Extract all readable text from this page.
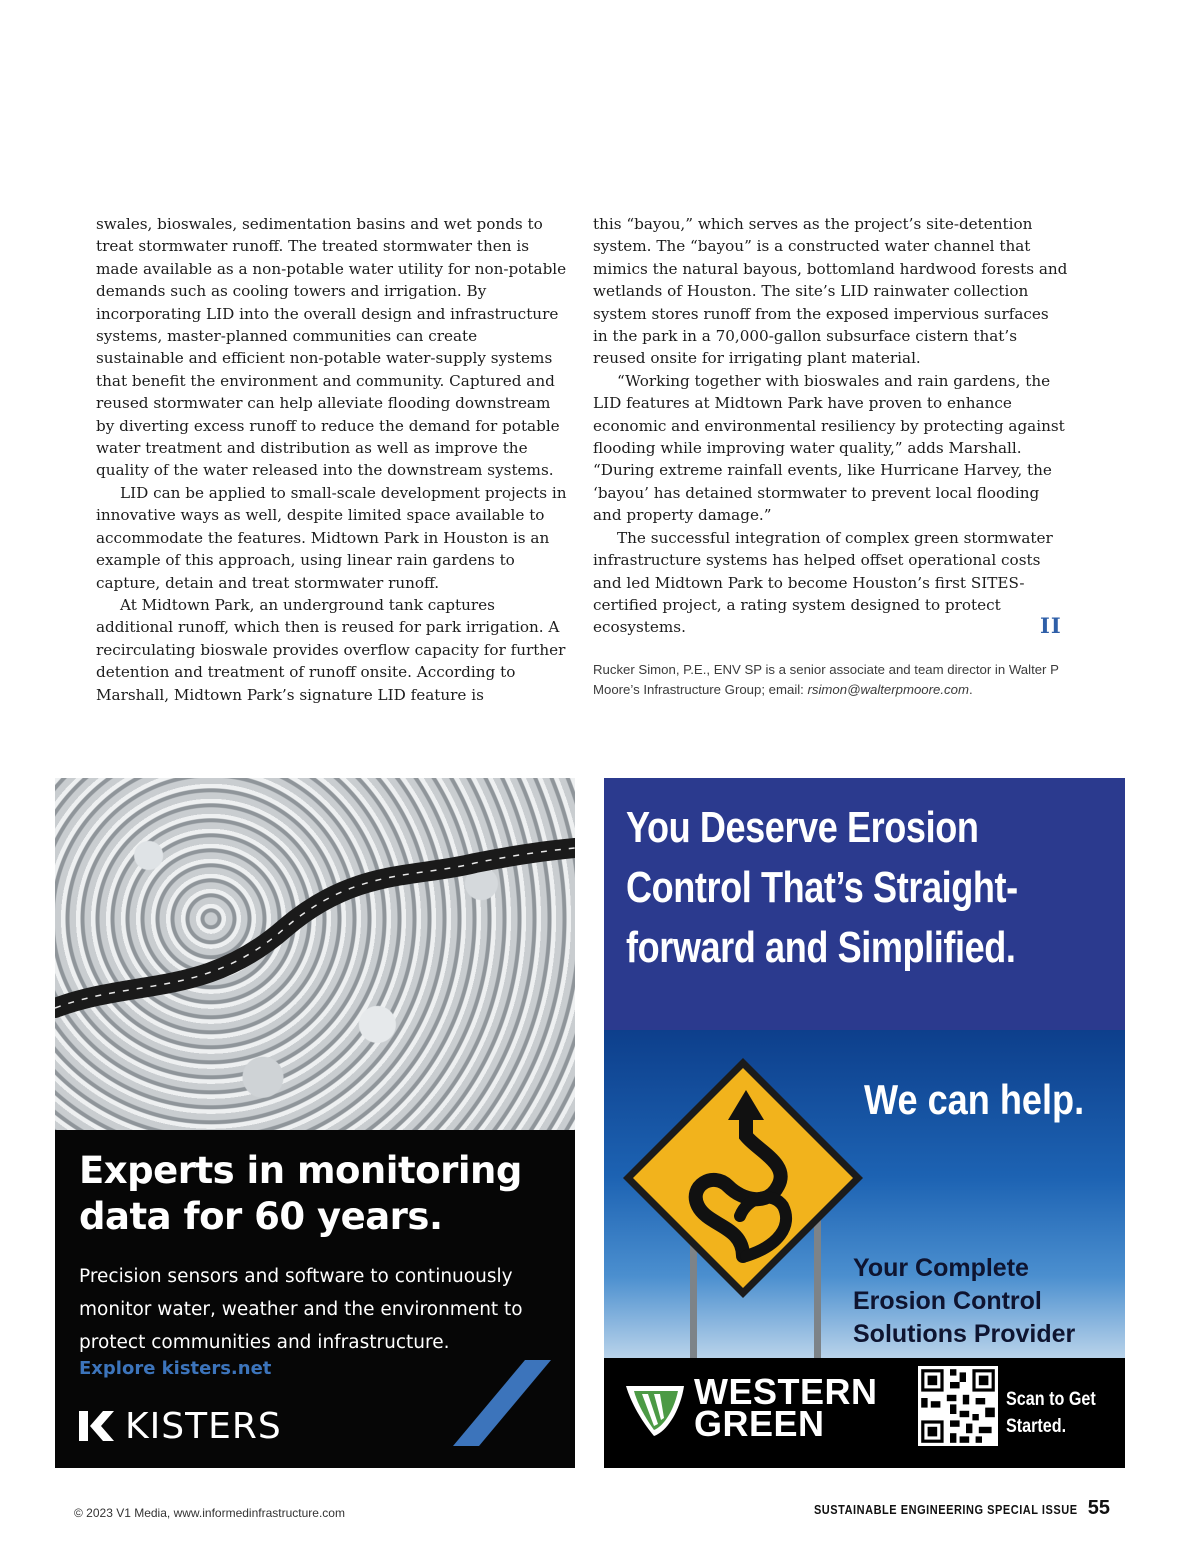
swales, bioswales, sedimentation basins and wet ponds to treat stormwater runoff. The treated stormwater then is made available as a non-potable water utility for non-potable demands such as cooling towers and irrigation. By incorporating LID into the overall design and infrastructure systems, master-planned communities can create sustainable and efficient non-potable water-supply systems that benefit the environment and community. Captured and reused stormwater can help alleviate flooding downstream by diverting excess runoff to reduce the demand for potable water treatment and distribution as well as improve the quality of the water released into the downstream systems.

LID can be applied to small-scale development projects in innovative ways as well, despite limited space available to accommodate the features. Midtown Park in Houston is an example of this approach, using linear rain gardens to capture, detain and treat stormwater runoff.

At Midtown Park, an underground tank captures additional runoff, which then is reused for park irrigation. A recirculating bioswale provides overflow capacity for further detention and treatment of runoff onsite. According to Marshall, Midtown Park’s signature LID feature is

this “bayou,” which serves as the project’s site-detention system. The “bayou” is a constructed water channel that mimics the natural bayous, bottomland hardwood forests and wetlands of Houston. The site’s LID rainwater collection system stores runoff from the exposed impervious surfaces in the park in a 70,000-gallon subsurface cistern that’s reused onsite for irrigating plant material.

“Working together with bioswales and rain gardens, the LID features at Midtown Park have proven to enhance economic and environmental resiliency by protecting against flooding while improving water quality,” adds Marshall. “During extreme rainfall events, like Hurricane Harvey, the ‘bayou’ has detained stormwater to prevent local flooding and property damage.”

The successful integration of complex green stormwater infrastructure systems has helped offset operational costs and led Midtown Park to become Houston’s first SITES-certified project, a rating system designed to protect ecosystems.	II
Rucker Simon, P.E., ENV SP is a senior associate and team director in Walter P Moore’s Infrastructure Group; email: rsimon@walterpmoore.com.
Experts in monitoring data for 60 years.
Precision sensors and software to continuously monitor water, weather and the environment to protect communities and infrastructure.
Explore kisters.net
KISTERS
You Deserve Erosion Control That’s Straight-forward and Simplified.
We can help.
Your Complete Erosion Control Solutions Provider
WESTERN
GREEN
Scan to Get Started.
© 2023 V1 Media, www.informedinfrastructure.com	SUSTAINABLE ENGINEERING SPECIAL ISSUE 55
